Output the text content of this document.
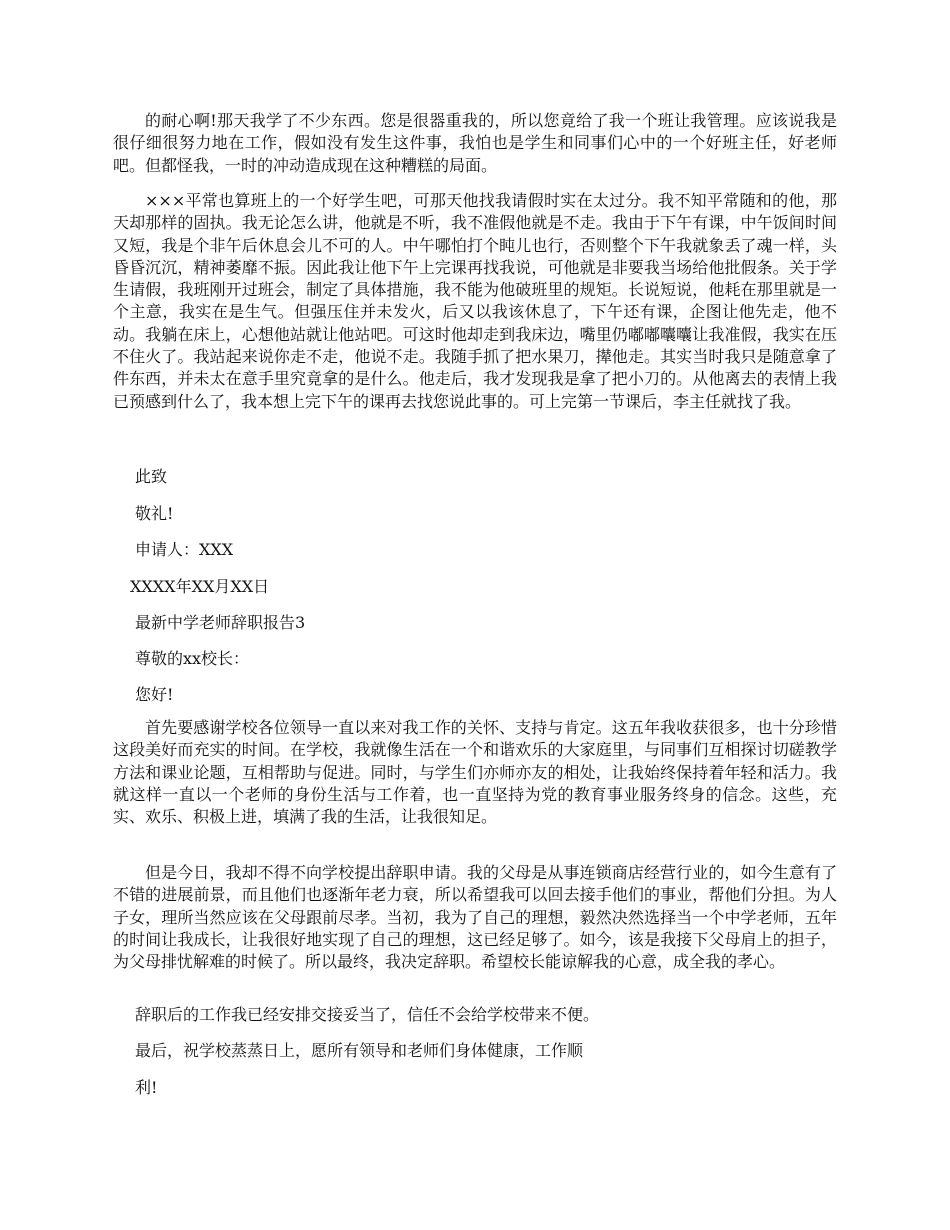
的耐心啊!那天我学了不少东西。您是很器重我的，所以您竟给了我一个班让我管理。应该说我是很仔细很努力地在工作，假如没有发生这件事，我怕也是学生和同事们心中的一个好班主任，好老师吧。但都怪我，一时的冲动造成现在这种糟糕的局面。

×××平常也算班上的一个好学生吧，可那天他找我请假时实在太过分。我不知平常随和的他，那天却那样的固执。我无论怎么讲，他就是不听，我不准假他就是不走。我由于下午有课，中午饭间时间又短，我是个非午后休息会儿不可的人。中午哪怕打个盹儿也行，否则整个下午我就象丢了魂一样，头昏昏沉沉，精神萎靡不振。因此我让他下午上完课再找我说，可他就是非要我当场给他批假条。关于学生请假，我班刚开过班会，制定了具体措施，我不能为他破班里的规矩。长说短说，他耗在那里就是一个主意，我实在是生气。但强压住并未发火，后又以我该休息了，下午还有课，企图让他先走，他不动。我躺在床上，心想他站就让他站吧。可这时他却走到我床边，嘴里仍嘟嘟囔囔让我准假，我实在压不住火了。我站起来说你走不走，他说不走。我随手抓了把水果刀，撵他走。其实当时我只是随意拿了件东西，并未太在意手里究竟拿的是什么。他走后，我才发现我是拿了把小刀的。从他离去的表情上我已预感到什么了，我本想上完下午的课再去找您说此事的。可上完第一节课后，李主任就找了我。

此致

敬礼!

申请人：XXX

XXXX年XX月XX日

最新中学老师辞职报告3

尊敬的xx校长：

您好!

首先要感谢学校各位领导一直以来对我工作的关怀、支持与肯定。这五年我收获很多，也十分珍惜这段美好而充实的时间。在学校，我就像生活在一个和谐欢乐的大家庭里，与同事们互相探讨切磋教学方法和课业论题，互相帮助与促进。同时，与学生们亦师亦友的相处，让我始终保持着年轻和活力。我就这样一直以一个老师的身份生活与工作着，也一直坚持为党的教育事业服务终身的信念。这些，充实、欢乐、积极上进，填满了我的生活，让我很知足。

但是今日，我却不得不向学校提出辞职申请。我的父母是从事连锁商店经营行业的，如今生意有了不错的进展前景，而且他们也逐渐年老力衰，所以希望我可以回去接手他们的事业，帮他们分担。为人子女，理所当然应该在父母跟前尽孝。当初，我为了自己的理想，毅然决然选择当一个中学老师，五年的时间让我成长，让我很好地实现了自己的理想，这已经足够了。如今，该是我接下父母肩上的担子，为父母排忧解难的时候了。所以最终，我决定辞职。希望校长能谅解我的心意，成全我的孝心。

辞职后的工作我已经安排交接妥当了，信任不会给学校带来不便。

最后，祝学校蒸蒸日上，愿所有领导和老师们身体健康，工作顺

利!
